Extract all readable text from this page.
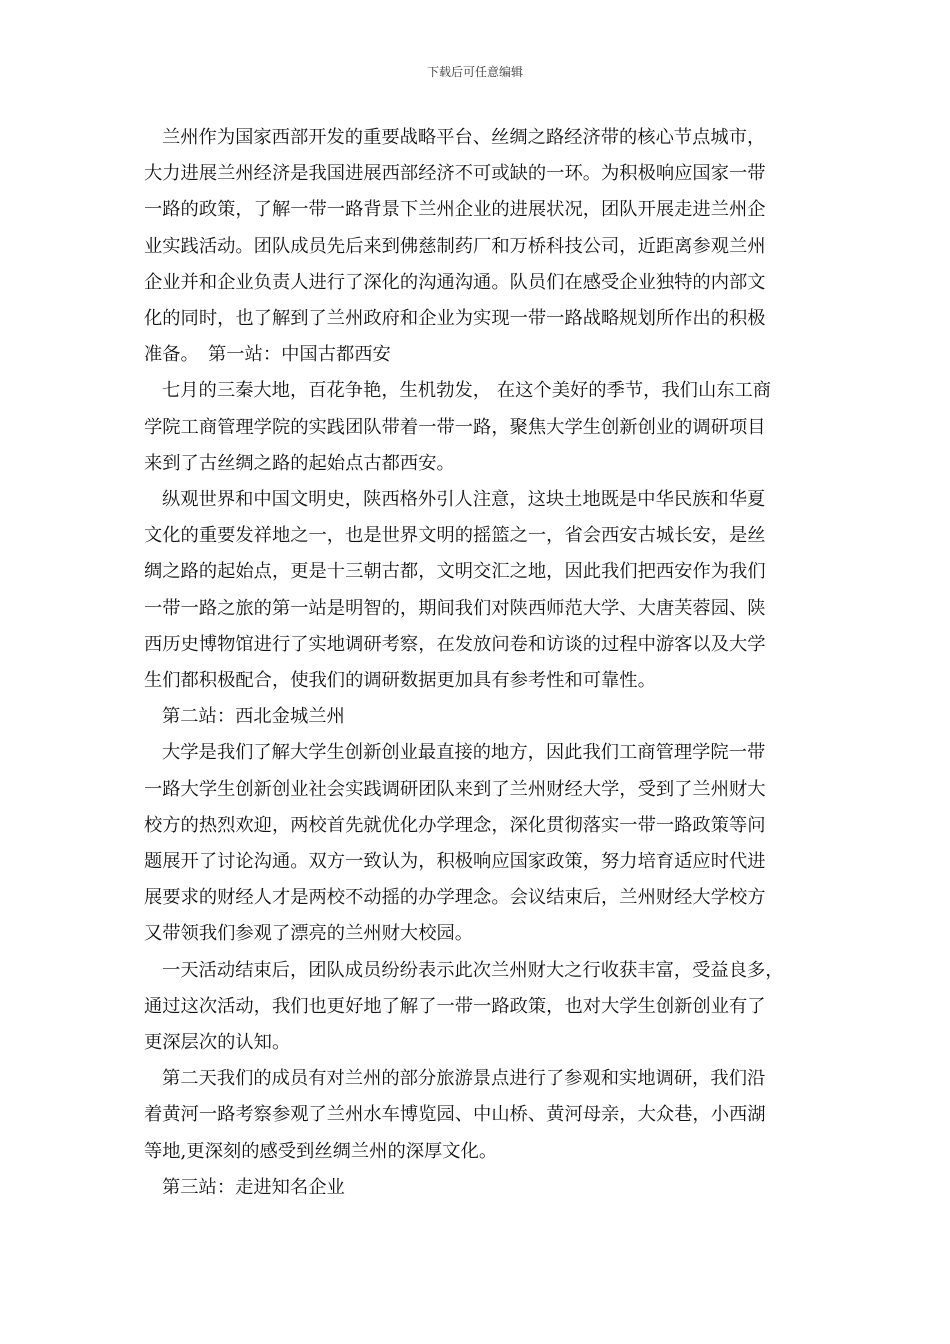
下载后可任意编辑
兰州作为国家西部开发的重要战略平台、丝绸之路经济带的核心节点城市，
大力进展兰州经济是我国进展西部经济不可或缺的一环。为积极响应国家一带
一路的政策，了解一带一路背景下兰州企业的进展状况，团队开展走进兰州企
业实践活动。团队成员先后来到佛慈制药厂和万桥科技公司，近距离参观兰州
企业并和企业负责人进行了深化的沟通沟通。队员们在感受企业独特的内部文
化的同时，也了解到了兰州政府和企业为实现一带一路战略规划所作出的积极
准备。　第一站：中国古都西安
七月的三秦大地，百花争艳，生机勃发， 在这个美好的季节，我们山东工商
学院工商管理学院的实践团队带着一带一路，聚焦大学生创新创业的调研项目
来到了古丝绸之路的起始点古都西安。
纵观世界和中国文明史，陕西格外引人注意，这块土地既是中华民族和华夏
文化的重要发祥地之一，也是世界文明的摇篮之一，省会西安古城长安，是丝
绸之路的起始点，更是十三朝古都，文明交汇之地，因此我们把西安作为我们
一带一路之旅的第一站是明智的，期间我们对陕西师范大学、大唐芙蓉园、陕
西历史博物馆进行了实地调研考察，在发放问卷和访谈的过程中游客以及大学
生们都积极配合，使我们的调研数据更加具有参考性和可靠性。
第二站：西北金城兰州
大学是我们了解大学生创新创业最直接的地方，因此我们工商管理学院一带
一路大学生创新创业社会实践调研团队来到了兰州财经大学，受到了兰州财大
校方的热烈欢迎，两校首先就优化办学理念，深化贯彻落实一带一路政策等问
题展开了讨论沟通。双方一致认为，积极响应国家政策，努力培育适应时代进
展要求的财经人才是两校不动摇的办学理念。会议结束后，兰州财经大学校方
又带领我们参观了漂亮的兰州财大校园。
一天活动结束后，团队成员纷纷表示此次兰州财大之行收获丰富，受益良多，
通过这次活动，我们也更好地了解了一带一路政策，也对大学生创新创业有了
更深层次的认知。
第二天我们的成员有对兰州的部分旅游景点进行了参观和实地调研，我们沿
着黄河一路考察参观了兰州水车博览园、中山桥、黄河母亲，大众巷，小西湖
等地,更深刻的感受到丝绸兰州的深厚文化。
第三站：走进知名企业
